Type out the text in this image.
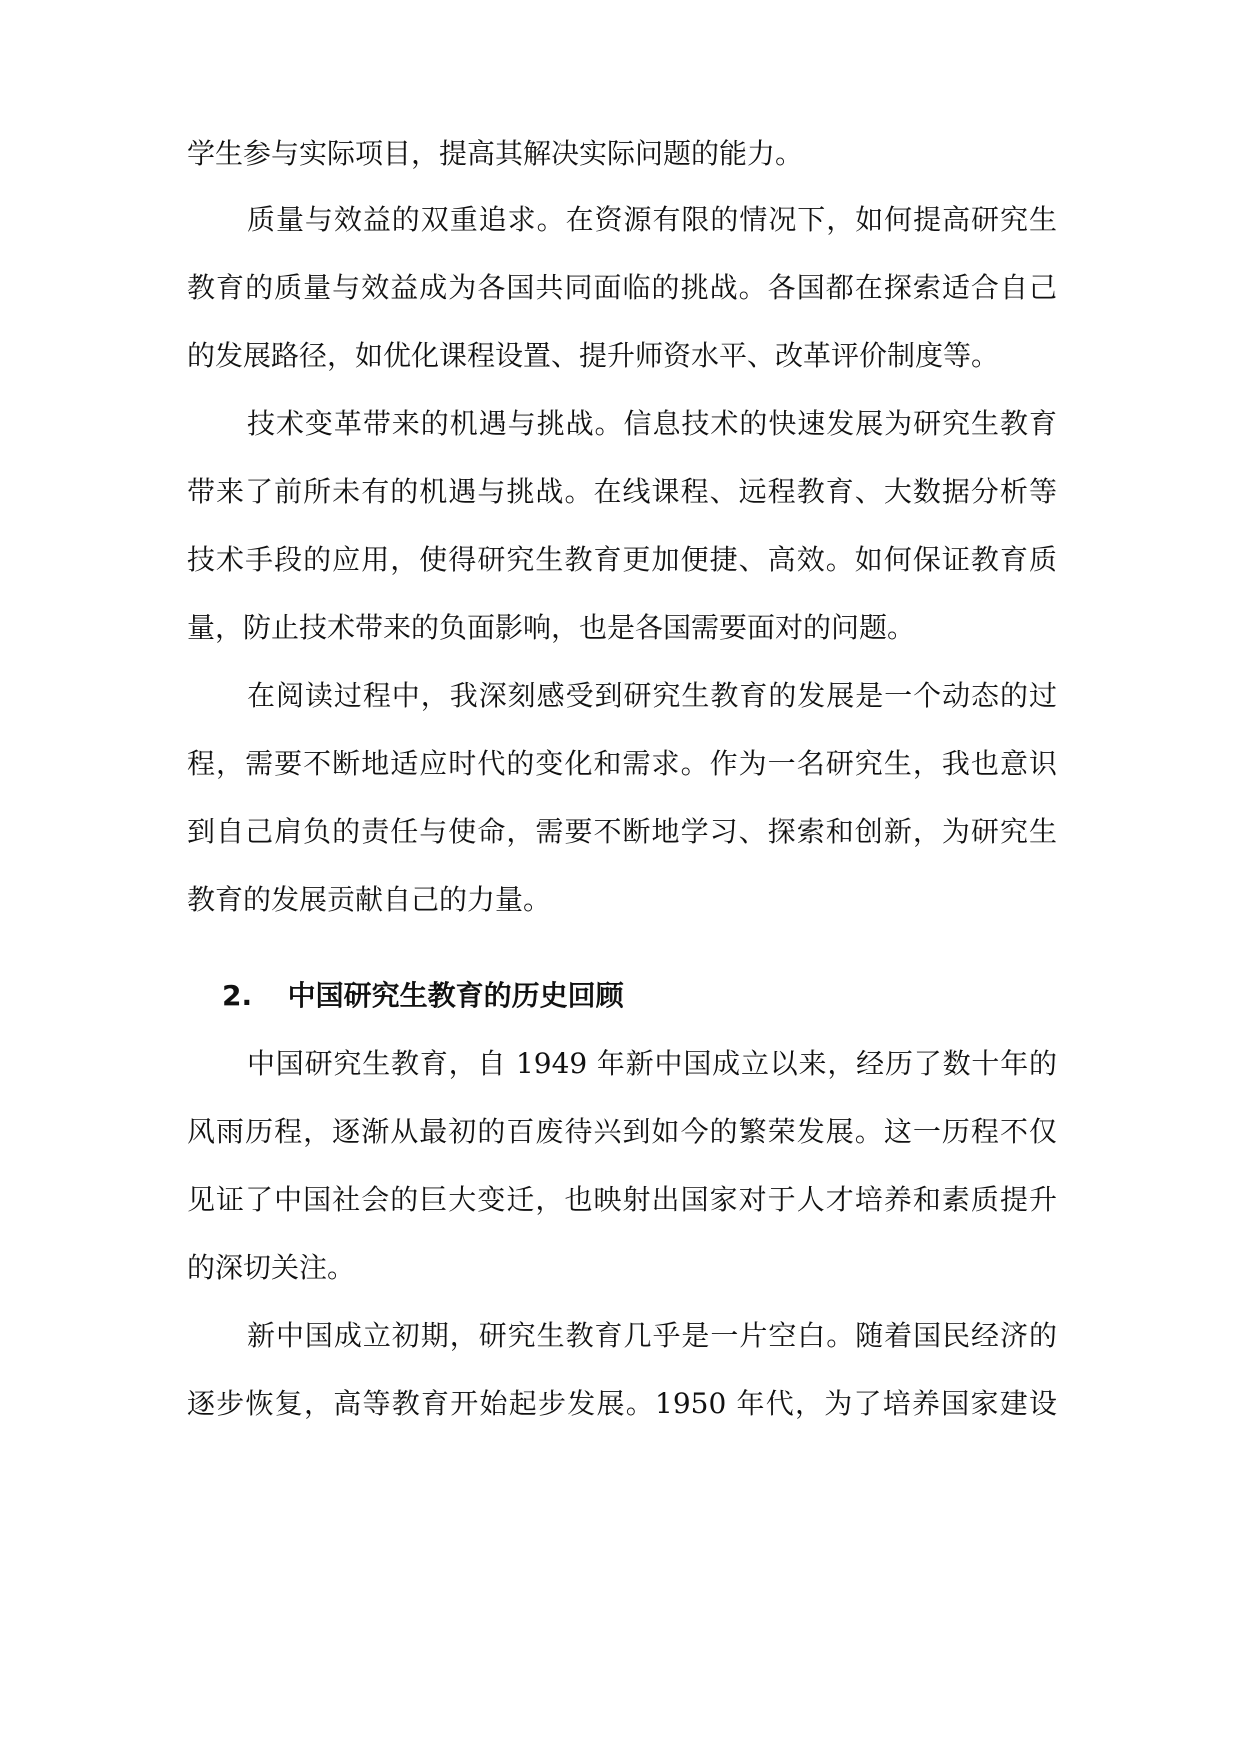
学生参与实际项目，提高其解决实际问题的能力。
质量与效益的双重追求。在资源有限的情况下，如何提高研究生
教育的质量与效益成为各国共同面临的挑战。各国都在探索适合自己
的发展路径，如优化课程设置、提升师资水平、改革评价制度等。
技术变革带来的机遇与挑战。信息技术的快速发展为研究生教育
带来了前所未有的机遇与挑战。在线课程、远程教育、大数据分析等
技术手段的应用，使得研究生教育更加便捷、高效。如何保证教育质
量，防止技术带来的负面影响，也是各国需要面对的问题。
在阅读过程中，我深刻感受到研究生教育的发展是一个动态的过
程，需要不断地适应时代的变化和需求。作为一名研究生，我也意识
到自己肩负的责任与使命，需要不断地学习、探索和创新，为研究生
教育的发展贡献自己的力量。
2. 中国研究生教育的历史回顾
中国研究生教育，自 1949 年新中国成立以来，经历了数十年的
风雨历程，逐渐从最初的百废待兴到如今的繁荣发展。这一历程不仅
见证了中国社会的巨大变迁，也映射出国家对于人才培养和素质提升
的深切关注。
新中国成立初期，研究生教育几乎是一片空白。随着国民经济的
逐步恢复，高等教育开始起步发展。1950 年代，为了培养国家建设
